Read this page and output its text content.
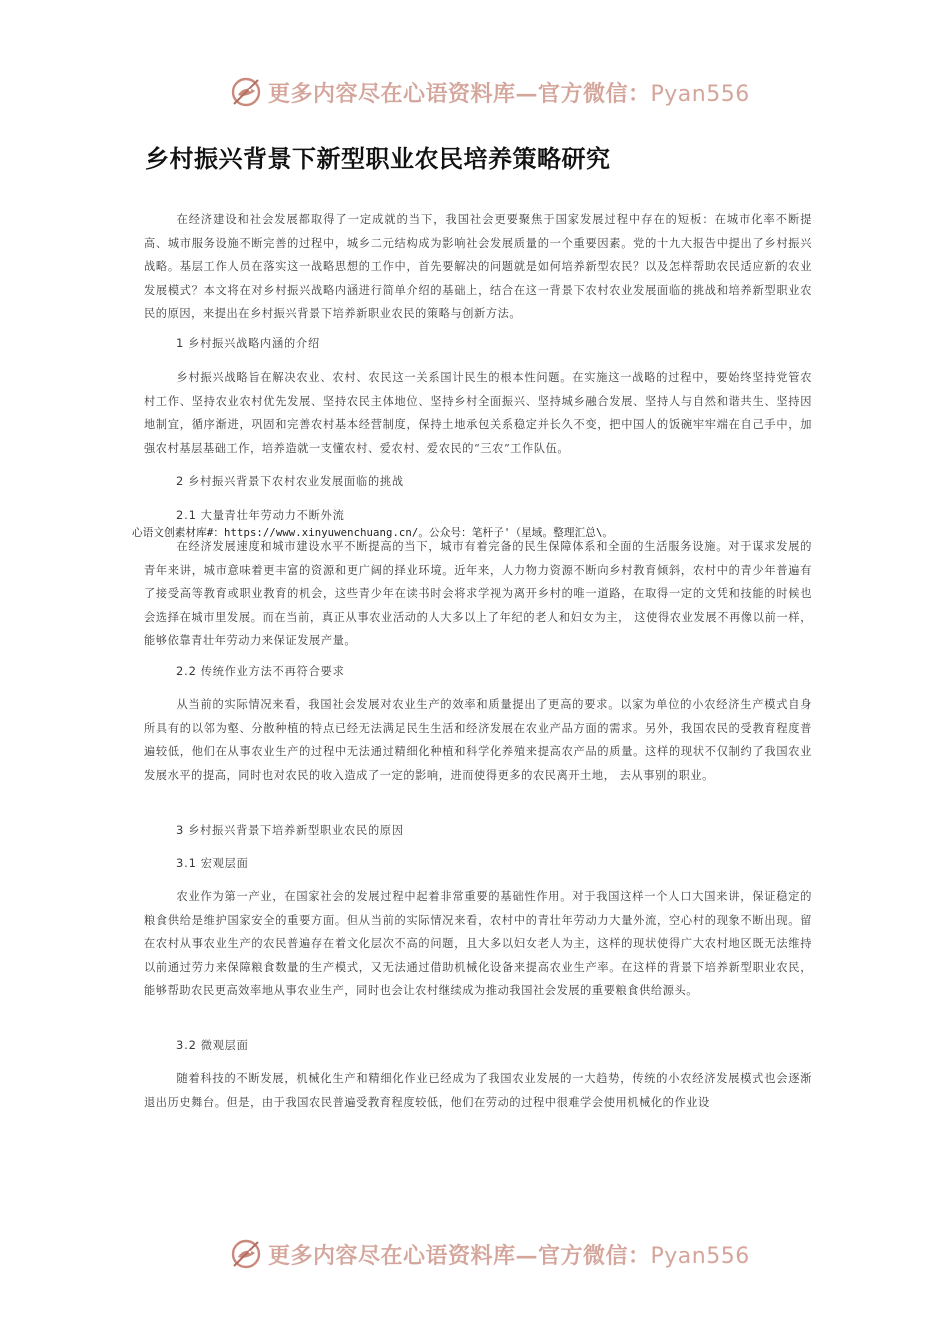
更多内容尽在心语资料库—官方微信：Pyan556
乡村振兴背景下新型职业农民培养策略研究

在经济建设和社会发展都取得了一定成就的当下，我国社会更要聚焦于国家发展过程中存在的短板：在城市化率不断提高、城市服务设施不断完善的过程中，城乡二元结构成为影响社会发展质量的一个重要因素。党的十九大报告中提出了乡村振兴战略。基层工作人员在落实这一战略思想的工作中，首先要解决的问题就是如何培养新型农民？以及怎样帮助农民适应新的农业发展模式？本文将在对乡村振兴战略内涵进行简单介绍的基础上，结合在这一背景下农村农业发展面临的挑战和培养新型职业农民的原因，来提出在乡村振兴背景下培养新职业农民的策略与创新方法。

1 乡村振兴战略内涵的介绍

乡村振兴战略旨在解决农业、农村、农民这一关系国计民生的根本性问题。在实施这一战略的过程中，要始终坚持党管农村工作、坚持农业农村优先发展、坚持农民主体地位、坚持乡村全面振兴、坚持城乡融合发展、坚持人与自然和谐共生、坚持因地制宜，循序渐进，巩固和完善农村基本经营制度，保持土地承包关系稳定并长久不变，把中国人的饭碗牢牢端在自己手中，加强农村基层基础工作，培养造就一支懂农村、爱农村、爱农民的“三农”工作队伍。

2 乡村振兴背景下农村农业发展面临的挑战
2.1 大量青壮年劳动力不断外流
心语文创素材库#：https://www.xinyuwenchuang.cn/。公众号：笔杆子'（星域。整理汇总\。

在经济发展速度和城市建设水平不断提高的当下，城市有着完备的民生保障体系和全面的生活服务设施。对于谋求发展的青年来讲，城市意味着更丰富的资源和更广阔的择业环境。近年来，人力物力资源不断向乡村教育倾斜，农村中的青少年普遍有了接受高等教育或职业教育的机会，这些青少年在读书时会将求学视为离开乡村的唯一道路，在取得一定的文凭和技能的时候也会选择在城市里发展。而在当前，真正从事农业活动的人大多以上了年纪的老人和妇女为主， 这使得农业发展不再像以前一样，能够依靠青壮年劳动力来保证发展产量。

2.2 传统作业方法不再符合要求

从当前的实际情况来看，我国社会发展对农业生产的效率和质量提出了更高的要求。以家为单位的小农经济生产模式自身所具有的以邻为壑、分散种植的特点已经无法满足民生生活和经济发展在农业产品方面的需求。另外，我国农民的受教育程度普遍较低，他们在从事农业生产的过程中无法通过精细化种植和科学化养殖来提高农产品的质量。这样的现状不仅制约了我国农业发展水平的提高，同时也对农民的收入造成了一定的影响，进而使得更多的农民离开土地， 去从事别的职业。

3 乡村振兴背景下培养新型职业农民的原因
3.1 宏观层面

农业作为第一产业，在国家社会的发展过程中起着非常重要的基础性作用。对于我国这样一个人口大国来讲，保证稳定的粮食供给是维护国家安全的重要方面。但从当前的实际情况来看，农村中的青壮年劳动力大量外流，空心村的现象不断出现。留在农村从事农业生产的农民普遍存在着文化层次不高的问题，且大多以妇女老人为主，这样的现状使得广大农村地区既无法维持以前通过劳力来保障粮食数量的生产模式，又无法通过借助机械化设备来提高农业生产率。在这样的背景下培养新型职业农民，能够帮助农民更高效率地从事农业生产，同时也会让农村继续成为推动我国社会发展的重要粮食供给源头。

3.2 微观层面

随着科技的不断发展，机械化生产和精细化作业已经成为了我国农业发展的一大趋势，传统的小农经济发展模式也会逐渐退出历史舞台。但是，由于我国农民普遍受教育程度较低，他们在劳动的过程中很难学会使用机械化的作业设

更多内容尽在心语资料库—官方微信：Pyan556
